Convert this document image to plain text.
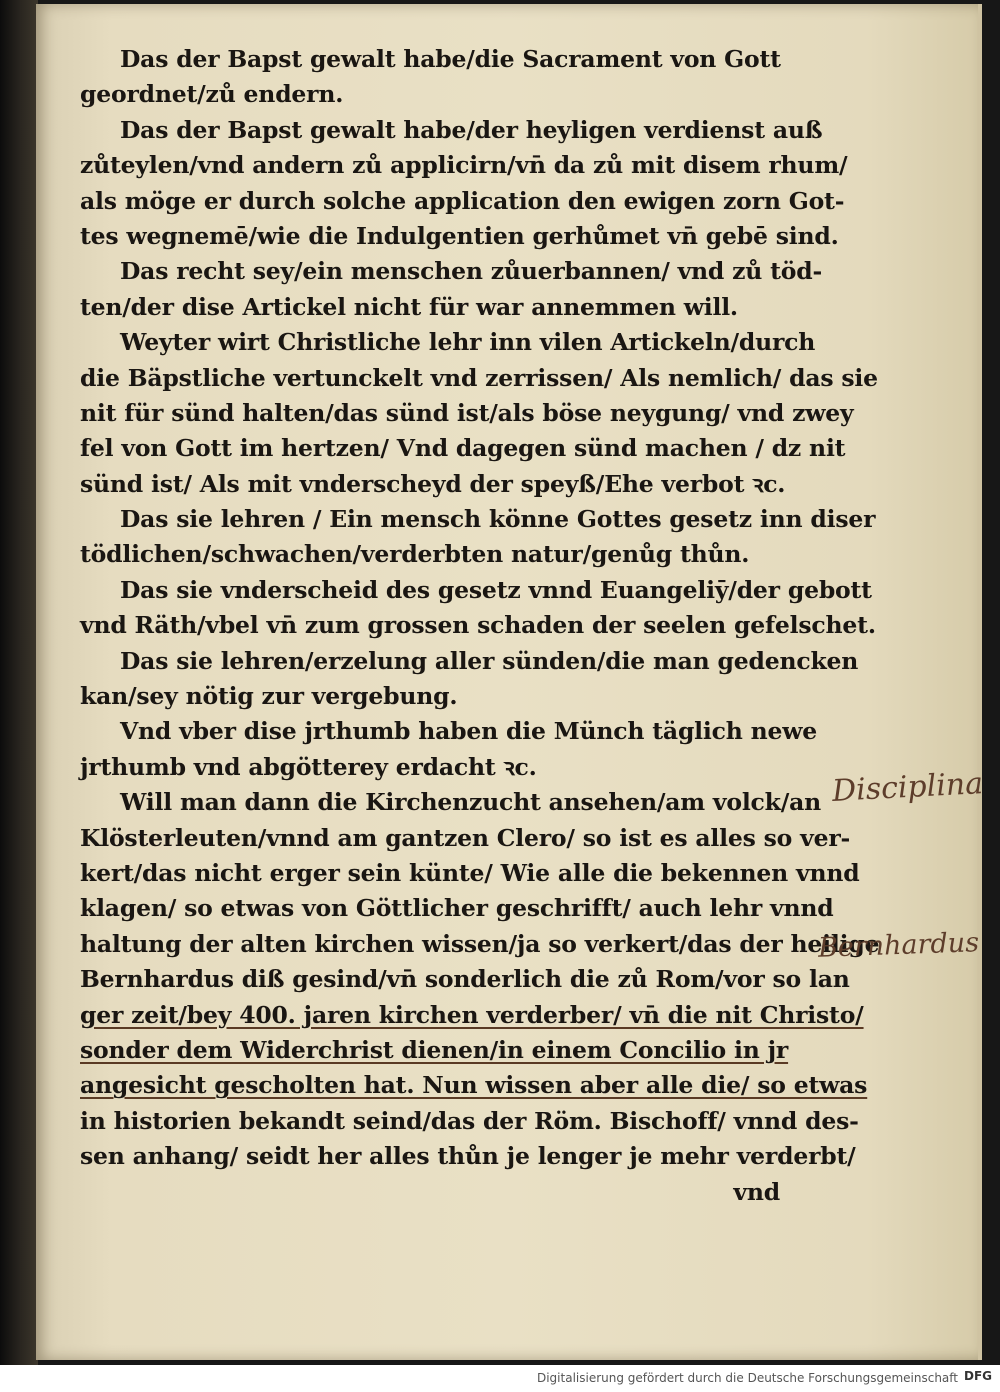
Das der Bapst gewalt habe/die Sacrament von Gott
geordnet/zů endern.
Das der Bapst gewalt habe/der heyligen verdienst auß
zůteylen/vnd andern zů applicirn/vn̄ da zů mit disem rhum/
als möge er durch solche application den ewigen zorn Got-
tes wegnemē/wie die Indulgentien gerhůmet vn̄ gebē sind.
Das recht sey/ein menschen zůuerbannen/ vnd zů töd-
ten/der dise Artickel nicht für war annemmen will.
Weyter wirt Christliche lehr inn vilen Artickeln/durch
die Bäpstliche vertunckelt vnd zerrissen/ Als nemlich/ das sie
nit für sünd halten/das sünd ist/als böse neygung/ vnd zwey
fel von Gott im hertzen/ Vnd dagegen sünd machen / dz nit
sünd ist/ Als mit vnderscheyd der speyß/Ehe verbot ꝛc.
Das sie lehren / Ein mensch könne Gottes gesetz inn diser
tödlichen/schwachen/verderbten natur/genůg thůn.
Das sie vnderscheid des gesetz vnnd Euangeliȳ/der gebott
vnd Räth/vbel vn̄ zum grossen schaden der seelen gefelschet.
Das sie lehren/erzelung aller sünden/die man gedencken
kan/sey nötig zur vergebung.
Vnd vber dise jrthumb haben die Münch täglich newe
jrthumb vnd abgötterey erdacht ꝛc.
Will man dann die Kirchenzucht ansehen/am volck/an
Klösterleuten/vnnd am gantzen Clero/ so ist es alles so ver-
kert/das nicht erger sein künte/ Wie alle die bekennen vnnd
klagen/ so etwas von Göttlicher geschrifft/ auch lehr vnnd
haltung der alten kirchen wissen/ja so verkert/das der heilige
Bernhardus diß gesind/vn̄ sonderlich die zů Rom/vor so lan
ger zeit/bey 400. jaren kirchen verderber/ vn̄ die nit Christo/
sonder dem Widerchrist dienen/in einem Concilio in jr
angesicht gescholten hat. Nun wissen aber alle die/ so etwas
in historien bekandt seind/das der Röm. Bischoff/ vnnd des-
sen anhang/ seidt her alles thůn je lenger je mehr verderbt/
vnd
Disciplina
Bernhardus
Digitalisierung gefördert durch die Deutsche Forschungsgemeinschaft DFG
